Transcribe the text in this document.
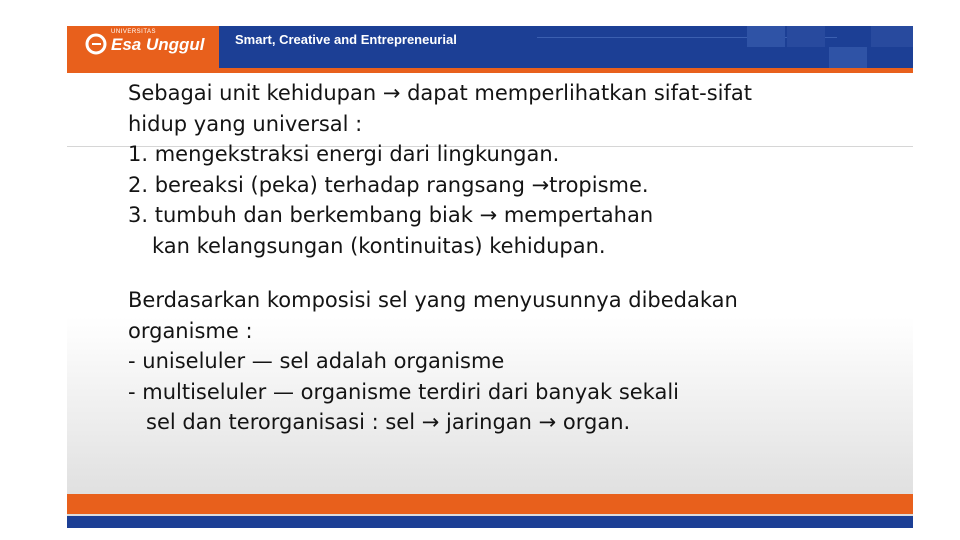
UNIVERSITAS
Esa Unggul Smart, Creative and Entrepreneurial
Sebagai unit kehidupan → dapat memperlihatkan sifat-sifat
hidup yang universal :
1. mengekstraksi energi dari lingkungan.
2. bereaksi (peka) terhadap rangsang →tropisme.
3. tumbuh dan berkembang biak → mempertahan
kan kelangsungan (kontinuitas) kehidupan.
Berdasarkan komposisi sel yang menyusunnya dibedakan
organisme :
- uniseluler — sel adalah organisme
- multiseluler — organisme terdiri dari banyak sekali
sel dan terorganisasi : sel → jaringan → organ.
